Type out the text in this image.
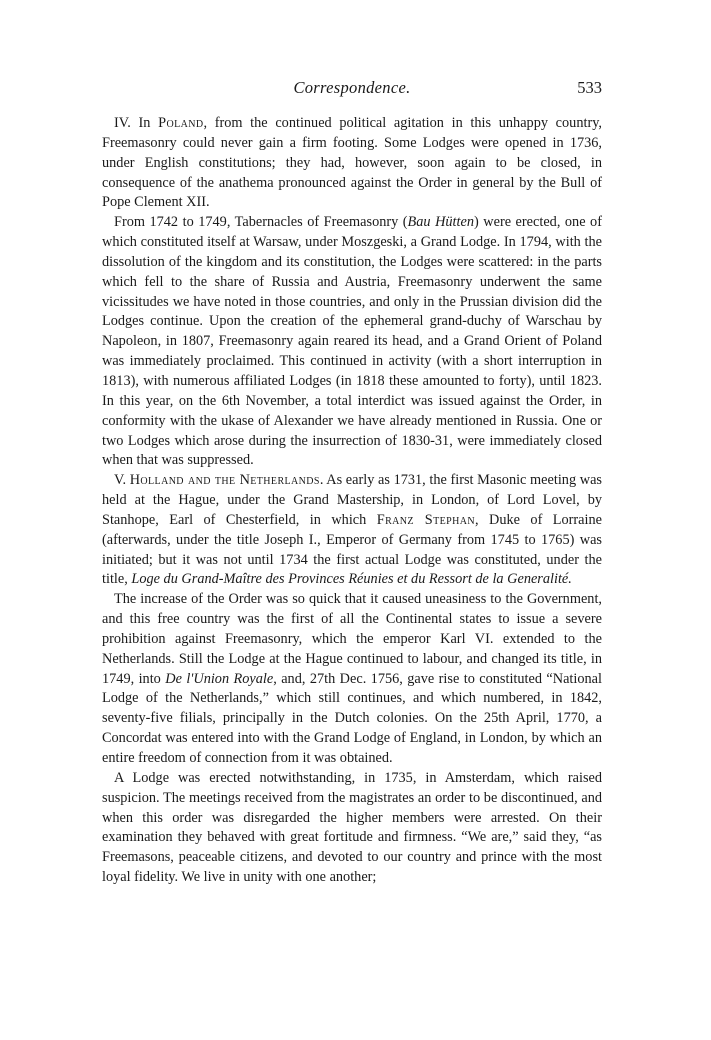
Correspondence.	533

IV. In Poland, from the continued political agitation in this unhappy country, Freemasonry could never gain a firm footing. Some Lodges were opened in 1736, under English constitutions; they had, however, soon again to be closed, in consequence of the anathema pronounced against the Order in general by the Bull of Pope Clement XII.

From 1742 to 1749, Tabernacles of Freemasonry (Bau Hütten) were erected, one of which constituted itself at Warsaw, under Moszgeski, a Grand Lodge. In 1794, with the dissolution of the kingdom and its constitution, the Lodges were scattered: in the parts which fell to the share of Russia and Austria, Freemasonry underwent the same vicissitudes we have noted in those countries, and only in the Prussian division did the Lodges continue. Upon the creation of the ephemeral grand-duchy of Warschau by Napoleon, in 1807, Freemasonry again reared its head, and a Grand Orient of Poland was immediately proclaimed. This continued in activity (with a short interruption in 1813), with numerous affiliated Lodges (in 1818 these amounted to forty), until 1823. In this year, on the 6th November, a total interdict was issued against the Order, in conformity with the ukase of Alexander we have already mentioned in Russia. One or two Lodges which arose during the insurrection of 1830-31, were immediately closed when that was suppressed.

V. Holland and the Netherlands. As early as 1731, the first Masonic meeting was held at the Hague, under the Grand Mastership, in London, of Lord Lovel, by Stanhope, Earl of Chesterfield, in which Franz Stephan, Duke of Lorraine (afterwards, under the title Joseph I., Emperor of Germany from 1745 to 1765) was initiated; but it was not until 1734 the first actual Lodge was constituted, under the title, Loge du Grand-Maître des Provinces Réunies et du Ressort de la Generalité.

The increase of the Order was so quick that it caused uneasiness to the Government, and this free country was the first of all the Continental states to issue a severe prohibition against Freemasonry, which the emperor Karl VI. extended to the Netherlands. Still the Lodge at the Hague continued to labour, and changed its title, in 1749, into De l'Union Royale, and, 27th Dec. 1756, gave rise to constituted “National Lodge of the Netherlands,” which still continues, and which numbered, in 1842, seventy-five filials, principally in the Dutch colonies. On the 25th April, 1770, a Concordat was entered into with the Grand Lodge of England, in London, by which an entire freedom of connection from it was obtained.

A Lodge was erected notwithstanding, in 1735, in Amsterdam, which raised suspicion. The meetings received from the magistrates an order to be discontinued, and when this order was disregarded the higher members were arrested. On their examination they behaved with great fortitude and firmness. “We are,” said they, “as Freemasons, peaceable citizens, and devoted to our country and prince with the most loyal fidelity. We live in unity with one another;
